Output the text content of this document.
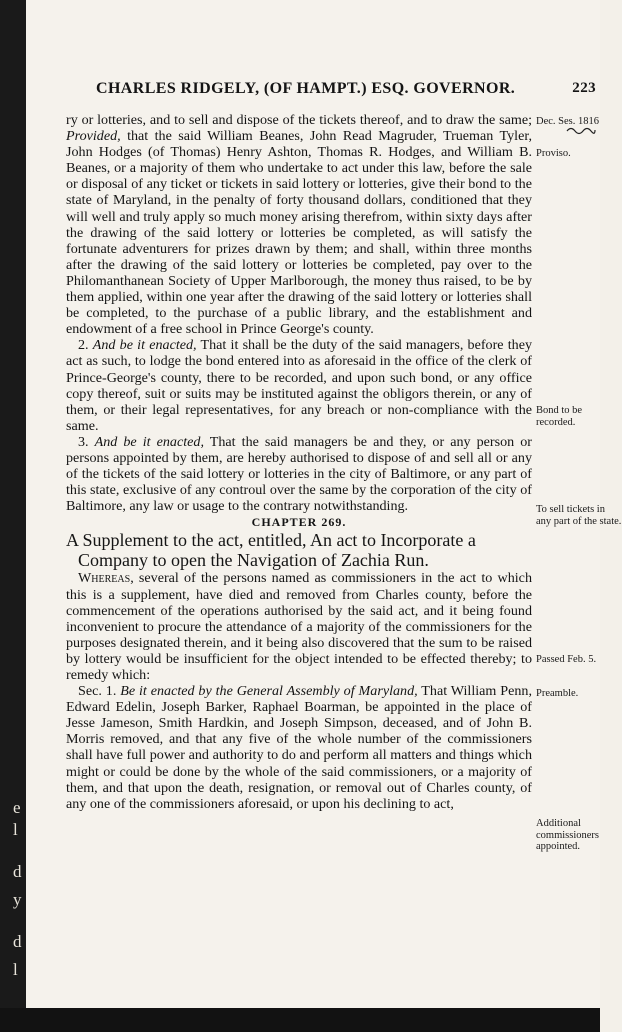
e
l
d
y
d
l
CHARLES RIDGELY, (OF HAMPT.) ESQ. GOVERNOR.	223
Dec. Ses. 1816
Proviso.
Bond to be recorded.
To sell tickets in any part of the state.
Passed Feb. 5.
Preamble.
Additional commissioners appointed.

ry or lotteries, and to sell and dispose of the tickets thereof, and to draw the same; Provided, that the said William Beanes, John Read Magruder, Trueman Tyler, John Hodges (of Thomas) Henry Ashton, Thomas R. Hodges, and William B. Beanes, or a majority of them who undertake to act under this law, before the sale or disposal of any ticket or tickets in said lottery or lotteries, give their bond to the state of Maryland, in the penalty of forty thousand dollars, conditioned that they will well and truly apply so much money arising therefrom, within sixty days after the drawing of the said lottery or lotteries be completed, as will satisfy the fortunate adventurers for prizes drawn by them; and shall, within three months after the drawing of the said lottery or lotteries be completed, pay over to the Philomanthanean Society of Upper Marlborough, the money thus raised, to be by them applied, within one year after the drawing of the said lottery or lotteries shall be completed, to the purchase of a public library, and the establishment and endowment of a free school in Prince George's county.

2. And be it enacted, That it shall be the duty of the said managers, before they act as such, to lodge the bond entered into as aforesaid in the office of the clerk of Prince-George's county, there to be recorded, and upon such bond, or any office copy thereof, suit or suits may be instituted against the obligors therein, or any of them, or their legal representatives, for any breach or non-compliance with the same.

3. And be it enacted, That the said managers be and they, or any person or persons appointed by them, are hereby authorised to dispose of and sell all or any of the tickets of the said lottery or lotteries in the city of Baltimore, or any part of this state, exclusive of any controul over the same by the corporation of the city of Baltimore, any law or usage to the contrary notwithstanding.

CHAPTER 269.

A Supplement to the act, entitled, An act to Incorporate a
Company to open the Navigation of Zachia Run.

Whereas, several of the persons named as commissioners in the act to which this is a supplement, have died and removed from Charles county, before the commencement of the operations authorised by the said act, and it being found inconvenient to procure the attendance of a majority of the commissioners for the purposes designated therein, and it being also discovered that the sum to be raised by lottery would be insufficient for the object intended to be effected thereby; to remedy which:

Sec. 1. Be it enacted by the General Assembly of Maryland, That William Penn, Edward Edelin, Joseph Barker, Raphael Boarman, be appointed in the place of Jesse Jameson, Smith Hardkin, and Joseph Simpson, deceased, and of John B. Morris removed, and that any five of the whole number of the commissioners shall have full power and authority to do and perform all matters and things which might or could be done by the whole of the said commissioners, or a majority of them, and that upon the death, resignation, or removal out of Charles county, of any one of the commissioners aforesaid, or upon his declining to act,
